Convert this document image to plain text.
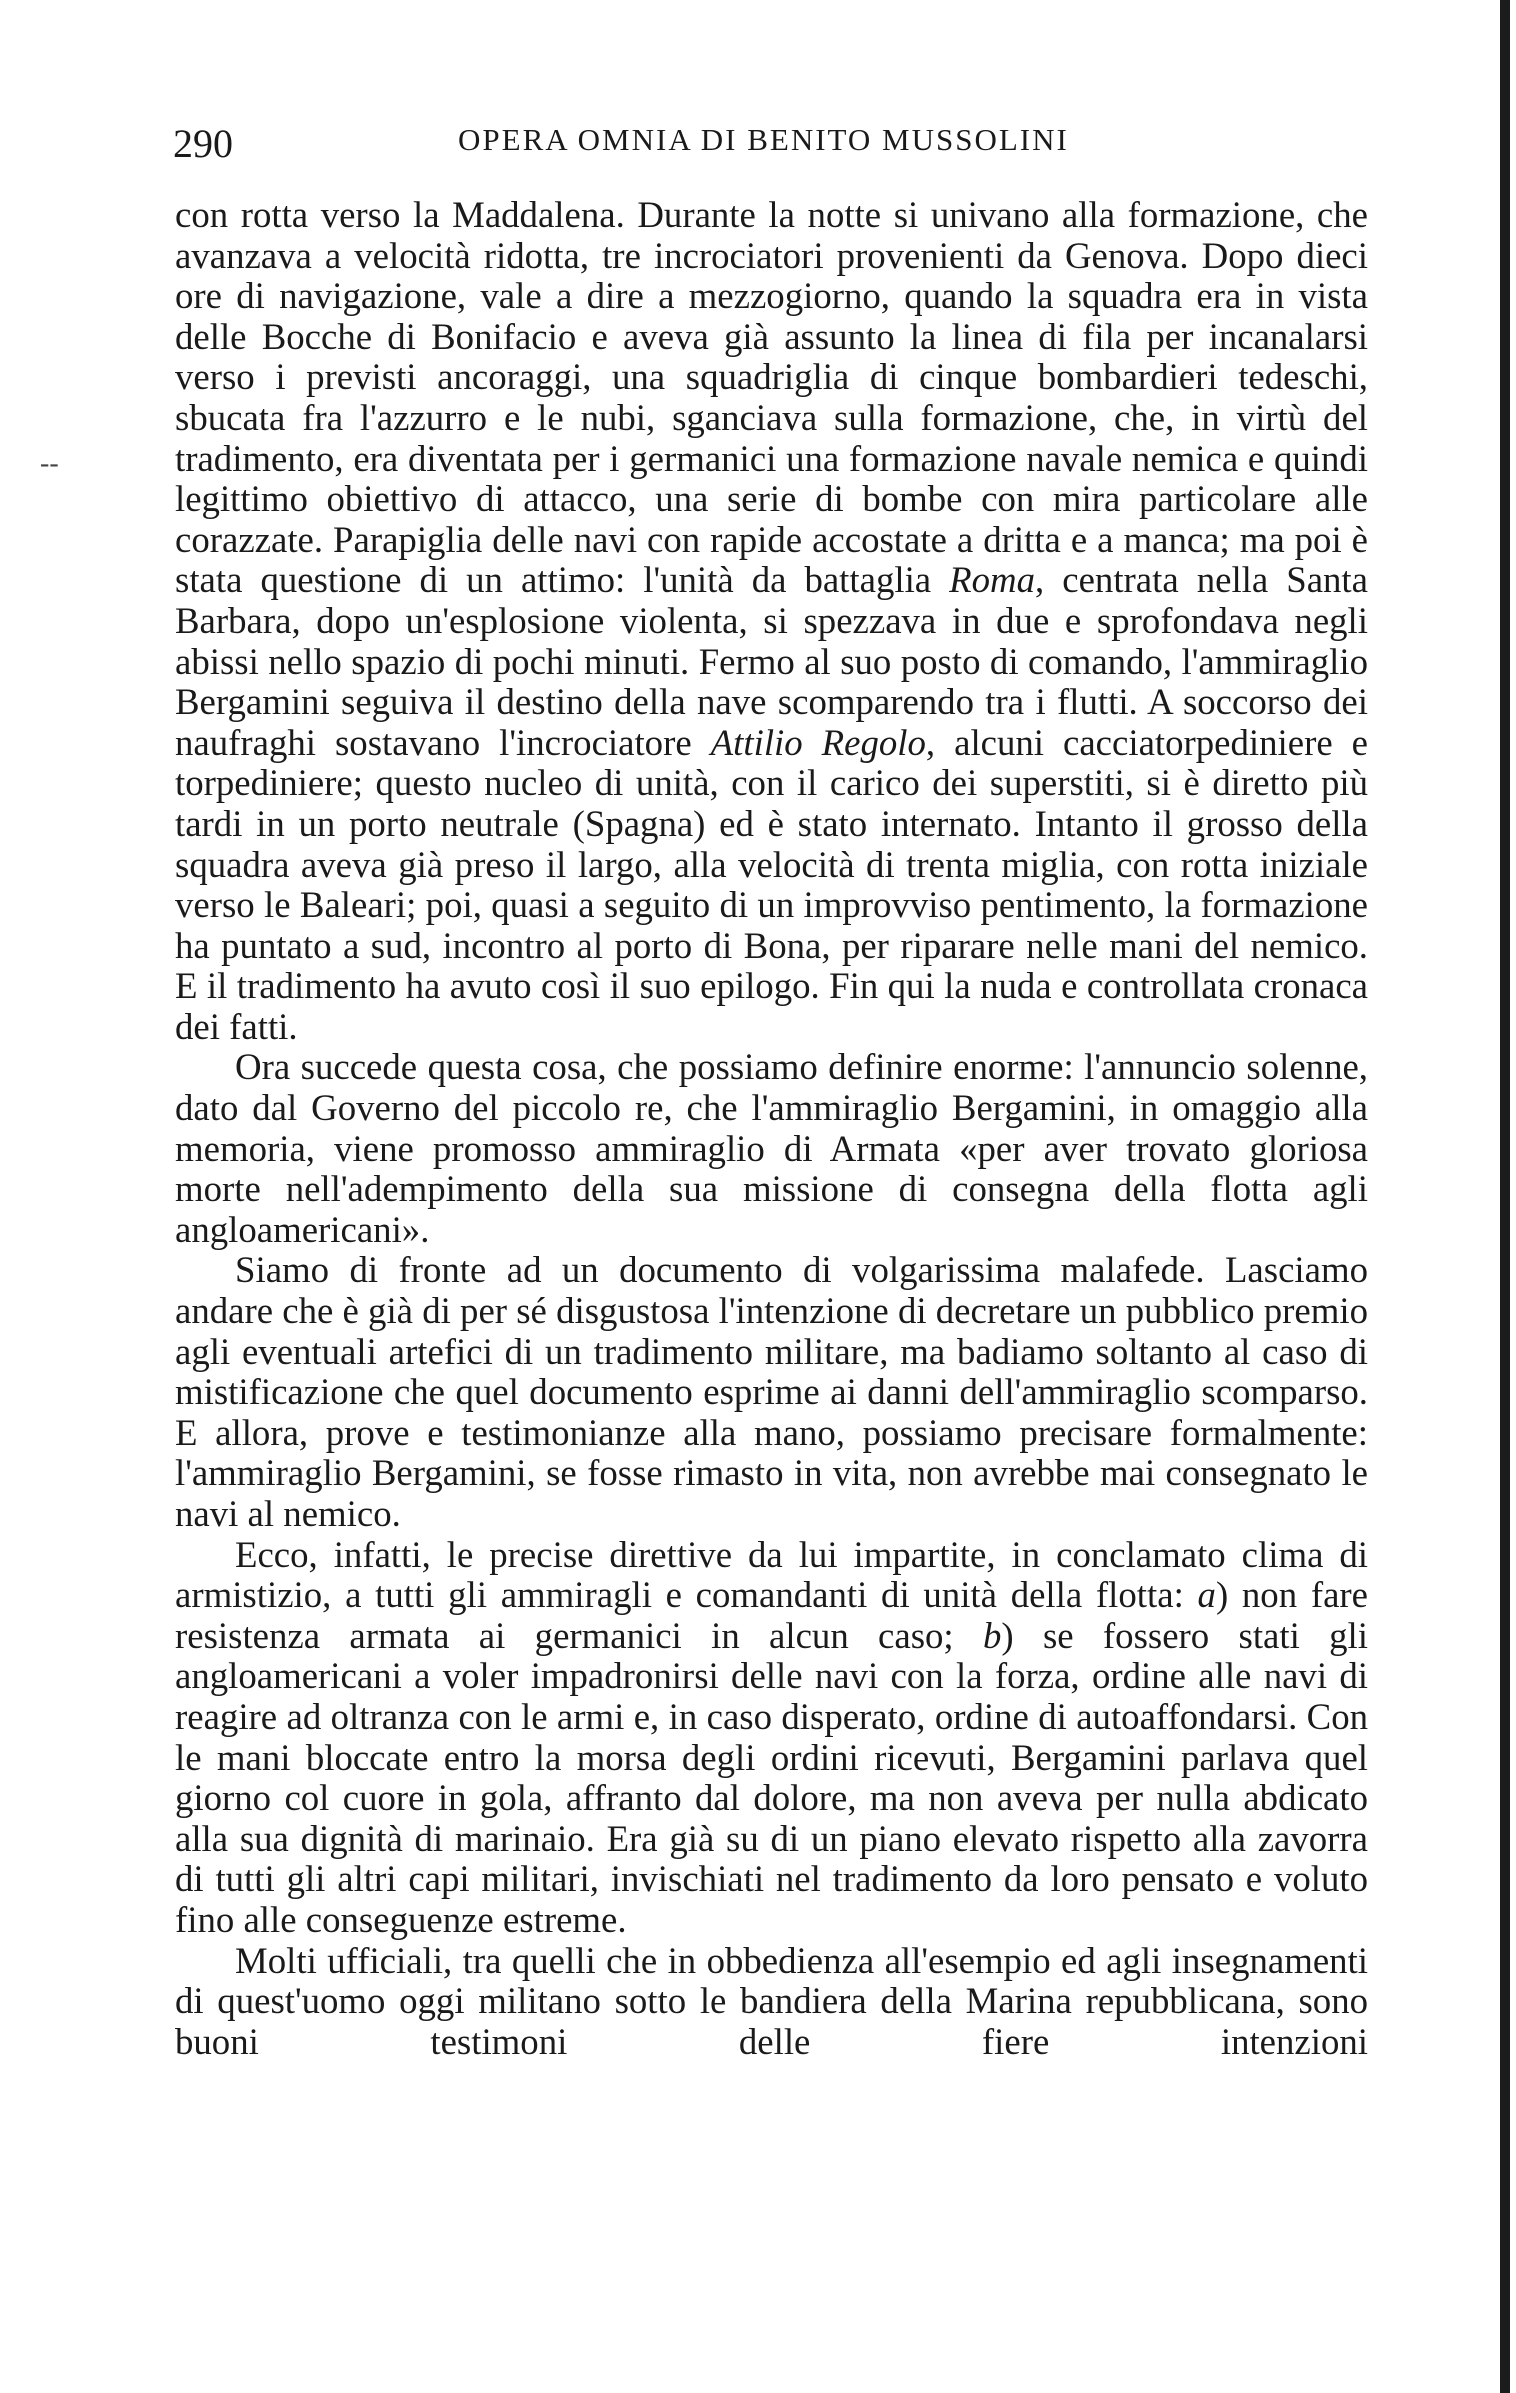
--
290	OPERA OMNIA DI BENITO MUSSOLINI

con rotta verso la Maddalena. Durante la notte si univano alla formazione, che avanzava a velocità ridotta, tre incrociatori provenienti da Genova. Dopo dieci ore di navigazione, vale a dire a mezzogiorno, quando la squadra era in vista delle Bocche di Bonifacio e aveva già assunto la linea di fila per incanalarsi verso i previsti ancoraggi, una squadriglia di cinque bombardieri tedeschi, sbucata fra l'azzurro e le nubi, sganciava sulla formazione, che, in virtù del tradimento, era diventata per i germanici una formazione navale nemica e quindi legittimo obiettivo di attacco, una serie di bombe con mira particolare alle corazzate. Parapiglia delle navi con rapide accostate a dritta e a manca; ma poi è stata questione di un attimo: l'unità da battaglia Roma, centrata nella Santa Barbara, dopo un'esplosione violenta, si spezzava in due e sprofondava negli abissi nello spazio di pochi minuti. Fermo al suo posto di comando, l'ammiraglio Bergamini seguiva il destino della nave scomparendo tra i flutti. A soccorso dei naufraghi sostavano l'incrociatore Attilio Regolo, alcuni cacciatorpediniere e torpediniere; questo nucleo di unità, con il carico dei superstiti, si è diretto più tardi in un porto neutrale (Spagna) ed è stato internato. Intanto il grosso della squadra aveva già preso il largo, alla velocità di trenta miglia, con rotta iniziale verso le Baleari; poi, quasi a seguito di un improvviso pentimento, la formazione ha puntato a sud, incontro al porto di Bona, per riparare nelle mani del nemico. E il tradimento ha avuto così il suo epilogo. Fin qui la nuda e controllata cronaca dei fatti.

Ora succede questa cosa, che possiamo definire enorme: l'annuncio solenne, dato dal Governo del piccolo re, che l'ammiraglio Bergamini, in omaggio alla memoria, viene promosso ammiraglio di Armata «per aver trovato gloriosa morte nell'adempimento della sua missione di consegna della flotta agli angloamericani».

Siamo di fronte ad un documento di volgarissima malafede. Lasciamo andare che è già di per sé disgustosa l'intenzione di decretare un pubblico premio agli eventuali artefici di un tradimento militare, ma badiamo soltanto al caso di mistificazione che quel documento esprime ai danni dell'ammiraglio scomparso. E allora, prove e testimonianze alla mano, possiamo precisare formalmente: l'ammiraglio Bergamini, se fosse rimasto in vita, non avrebbe mai consegnato le navi al nemico.

Ecco, infatti, le precise direttive da lui impartite, in conclamato clima di armistizio, a tutti gli ammiragli e comandanti di unità della flotta: a) non fare resistenza armata ai germanici in alcun caso; b) se fossero stati gli angloamericani a voler impadronirsi delle navi con la forza, ordine alle navi di reagire ad oltranza con le armi e, in caso disperato, ordine di autoaffondarsi. Con le mani bloccate entro la morsa degli ordini ricevuti, Bergamini parlava quel giorno col cuore in gola, affranto dal dolore, ma non aveva per nulla abdicato alla sua dignità di marinaio. Era già su di un piano elevato rispetto alla zavorra di tutti gli altri capi militari, invischiati nel tradimento da loro pensato e voluto fino alle conseguenze estreme.

Molti ufficiali, tra quelli che in obbedienza all'esempio ed agli insegnamenti di quest'uomo oggi militano sotto le bandiera della Marina repubblicana, sono buoni testimoni delle fiere intenzioni
